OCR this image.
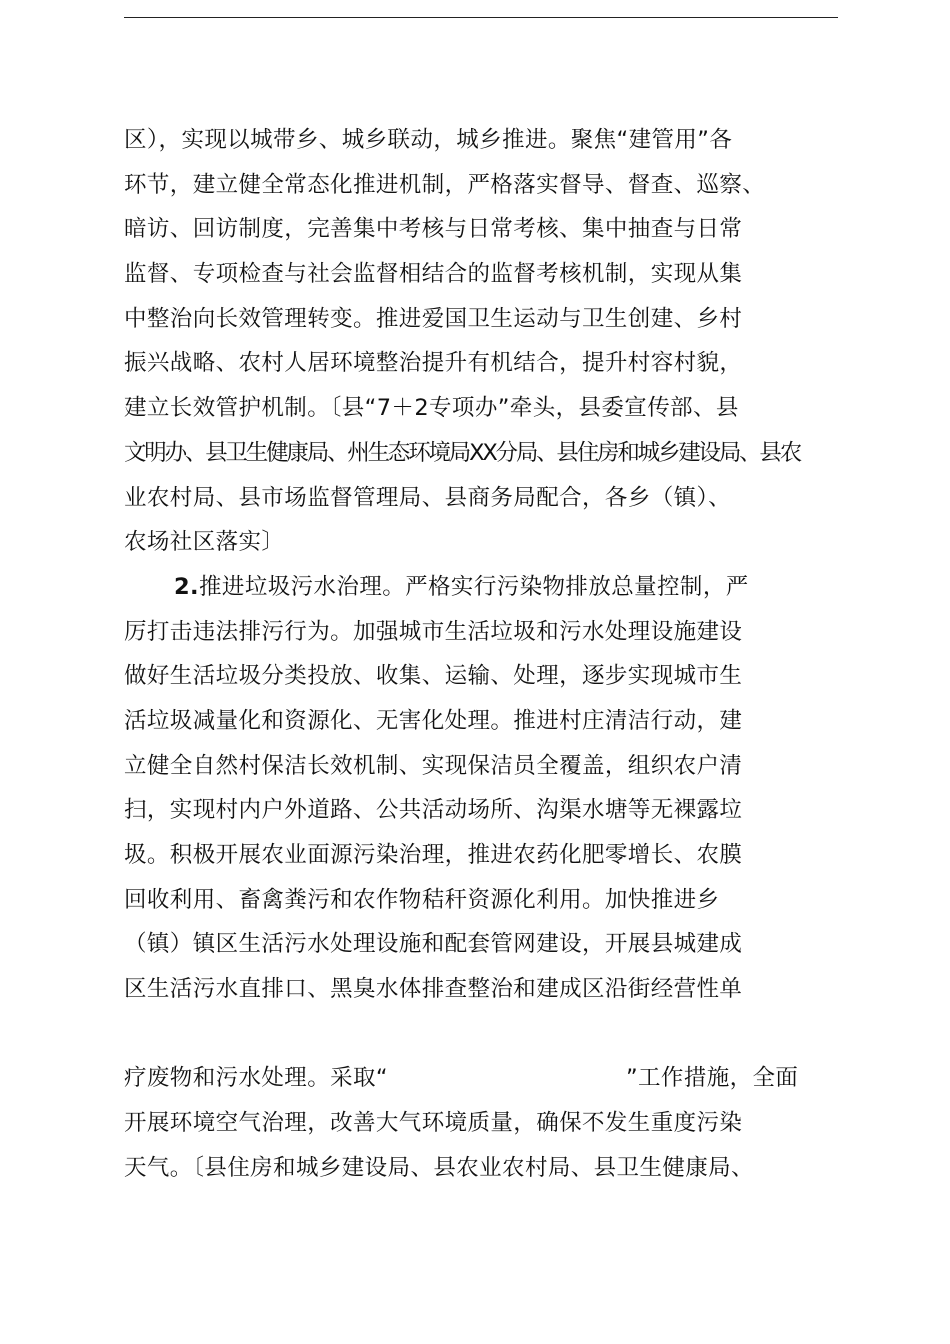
区），实现以城带乡、城乡联动，城乡推进。聚焦“建管用”各
环节，建立健全常态化推进机制，严格落实督导、督查、巡察、
暗访、回访制度，完善集中考核与日常考核、集中抽查与日常
监督、专项检查与社会监督相结合的监督考核机制，实现从集
中整治向长效管理转变。推进爱国卫生运动与卫生创建、乡村
振兴战略、农村人居环境整治提升有机结合，提升村容村貌，
建立长效管护机制。〔县“7＋2专项办”牵头，县委宣传部、县
文明办、县卫生健康局、州生态环境局XX分局、县住房和城乡建设局、县农
业农村局、县市场监督管理局、县商务局配合，各乡（镇）、
农场社区落实〕
2.推进垃圾污水治理。严格实行污染物排放总量控制，严
厉打击违法排污行为。加强城市生活垃圾和污水处理设施建设
做好生活垃圾分类投放、收集、运输、处理，逐步实现城市生
活垃圾减量化和资源化、无害化处理。推进村庄清洁行动，建
立健全自然村保洁长效机制、实现保洁员全覆盖，组织农户清
扫，实现村内户外道路、公共活动场所、沟渠水塘等无裸露垃
圾。积极开展农业面源污染治理，推进农药化肥零增长、农膜
回收利用、畜禽粪污和农作物秸秆资源化利用。加快推进乡
（镇）镇区生活污水处理设施和配套管网建设，开展县城建成
区生活污水直排口、黑臭水体排查整治和建成区沿街经营性单
疗废物和污水处理。采取“	”工作措施，全面
开展环境空气治理，改善大气环境质量，确保不发生重度污染
天气。〔县住房和城乡建设局、县农业农村局、县卫生健康局、
